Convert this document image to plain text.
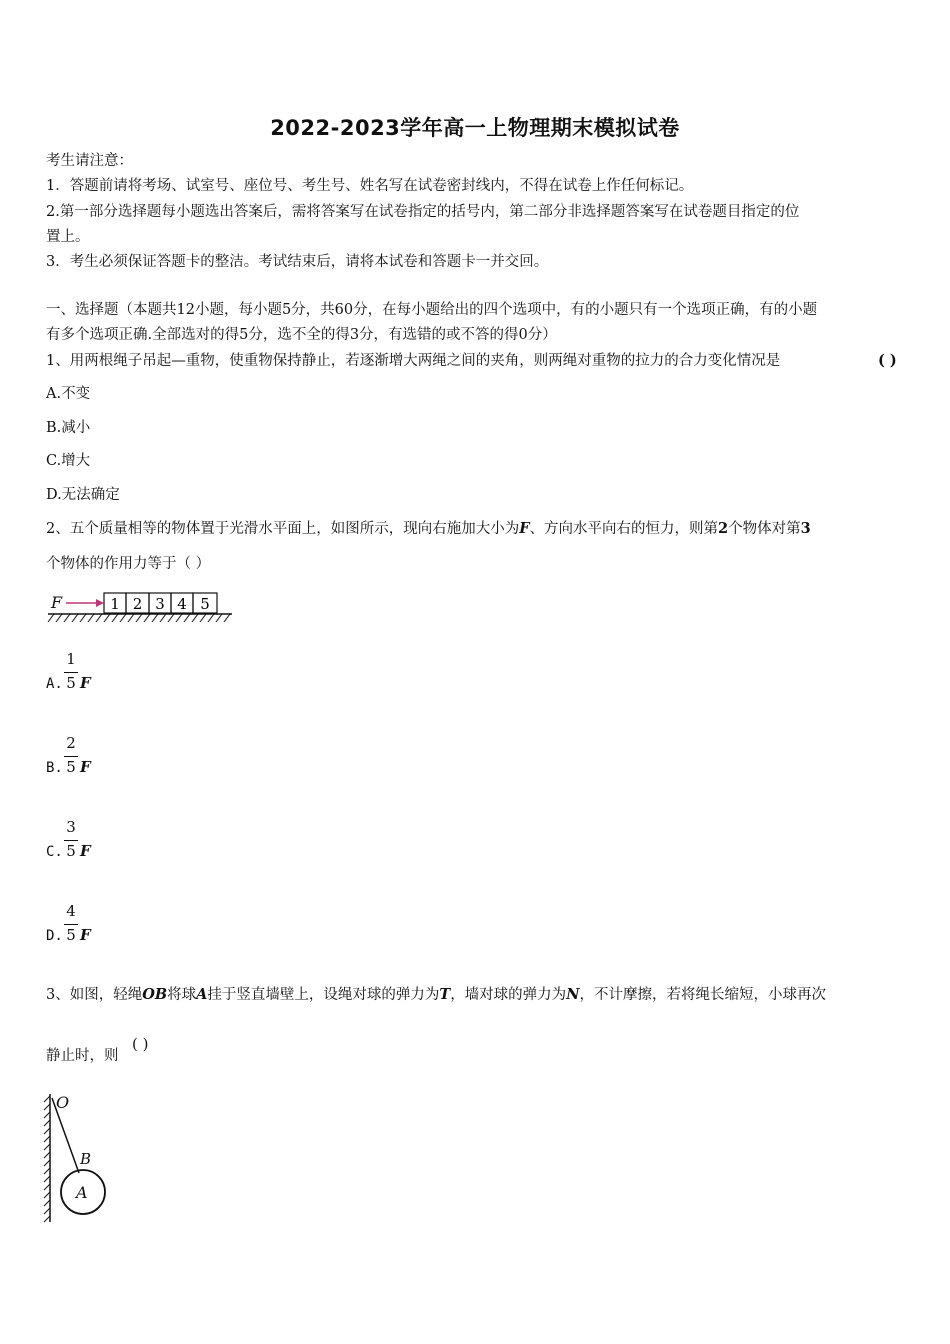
2022-2023学年高一上物理期末模拟试卷
考生请注意：
1．答题前请将考场、试室号、座位号、考生号、姓名写在试卷密封线内，不得在试卷上作任何标记。
2.第一部分选择题每小题选出答案后，需将答案写在试卷指定的括号内，第二部分非选择题答案写在试卷题目指定的位
置上。
3．考生必须保证答题卡的整洁。考试结束后，请将本试卷和答题卡一并交回。
一、选择题（本题共12小题，每小题5分，共60分，在每小题给出的四个选项中，有的小题只有一个选项正确，有的小题
有多个选项正确.全部选对的得5分，选不全的得3分，有选错的或不答的得0分）
1、用两根绳子吊起—重物，使重物保持静止，若逐渐增大两绳之间的夹角，则两绳对重物的拉力的合力变化情况是	( )
A.不变
B.减小
C.增大
D.无法确定
2、五个质量相等的物体置于光滑水平面上，如图所示，现向右施加大小为F、方向水平向右的恒力，则第2个物体对第3
个物体的作用力等于（ ）
F	1 2 3 4 5
A.
1
5 F
B.
2
5 F
C.
3
5 F
D.
4
5 F
3、如图，轻绳OB将球A挂于竖直墙壁上，设绳对球的弹力为T，墙对球的弹力为N，不计摩擦，若将绳长缩短，小球再次
静止时，则
( )
O
B
A
